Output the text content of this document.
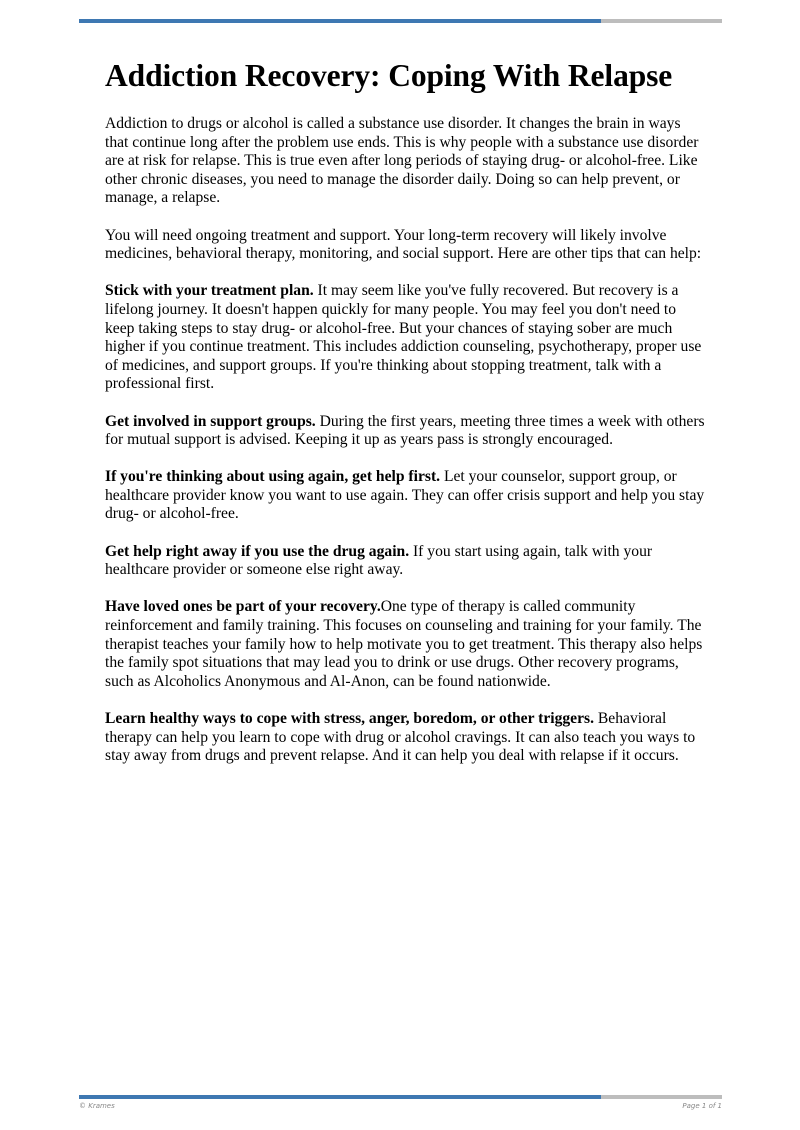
Addiction Recovery: Coping With Relapse

Addiction to drugs or alcohol is called a substance use disorder. It changes the brain in ways that continue long after the problem use ends. This is why people with a substance use disorder are at risk for relapse. This is true even after long periods of staying drug- or alcohol-free. Like other chronic diseases, you need to manage the disorder daily. Doing so can help prevent, or manage, a relapse.

You will need ongoing treatment and support. Your long-term recovery will likely involve medicines, behavioral therapy, monitoring, and social support. Here are other tips that can help:

Stick with your treatment plan. It may seem like you've fully recovered. But recovery is a lifelong journey. It doesn't happen quickly for many people. You may feel you don't need to keep taking steps to stay drug- or alcohol-free. But your chances of staying sober are much higher if you continue treatment. This includes addiction counseling, psychotherapy, proper use of medicines, and support groups. If you're thinking about stopping treatment, talk with a professional first.

Get involved in support groups. During the first years, meeting three times a week with others for mutual support is advised. Keeping it up as years pass is strongly encouraged.

If you're thinking about using again, get help first. Let your counselor, support group, or healthcare provider know you want to use again. They can offer crisis support and help you stay drug- or alcohol-free.

Get help right away if you use the drug again. If you start using again, talk with your healthcare provider or someone else right away.

Have loved ones be part of your recovery.One type of therapy is called community reinforcement and family training. This focuses on counseling and training for your family. The therapist teaches your family how to help motivate you to get treatment. This therapy also helps the family spot situations that may lead you to drink or use drugs. Other recovery programs, such as Alcoholics Anonymous and Al-Anon, can be found nationwide.

Learn healthy ways to cope with stress, anger, boredom, or other triggers. Behavioral therapy can help you learn to cope with drug or alcohol cravings. It can also teach you ways to stay away from drugs and prevent relapse. And it can help you deal with relapse if it occurs.

© Krames	Page 1 of 1
